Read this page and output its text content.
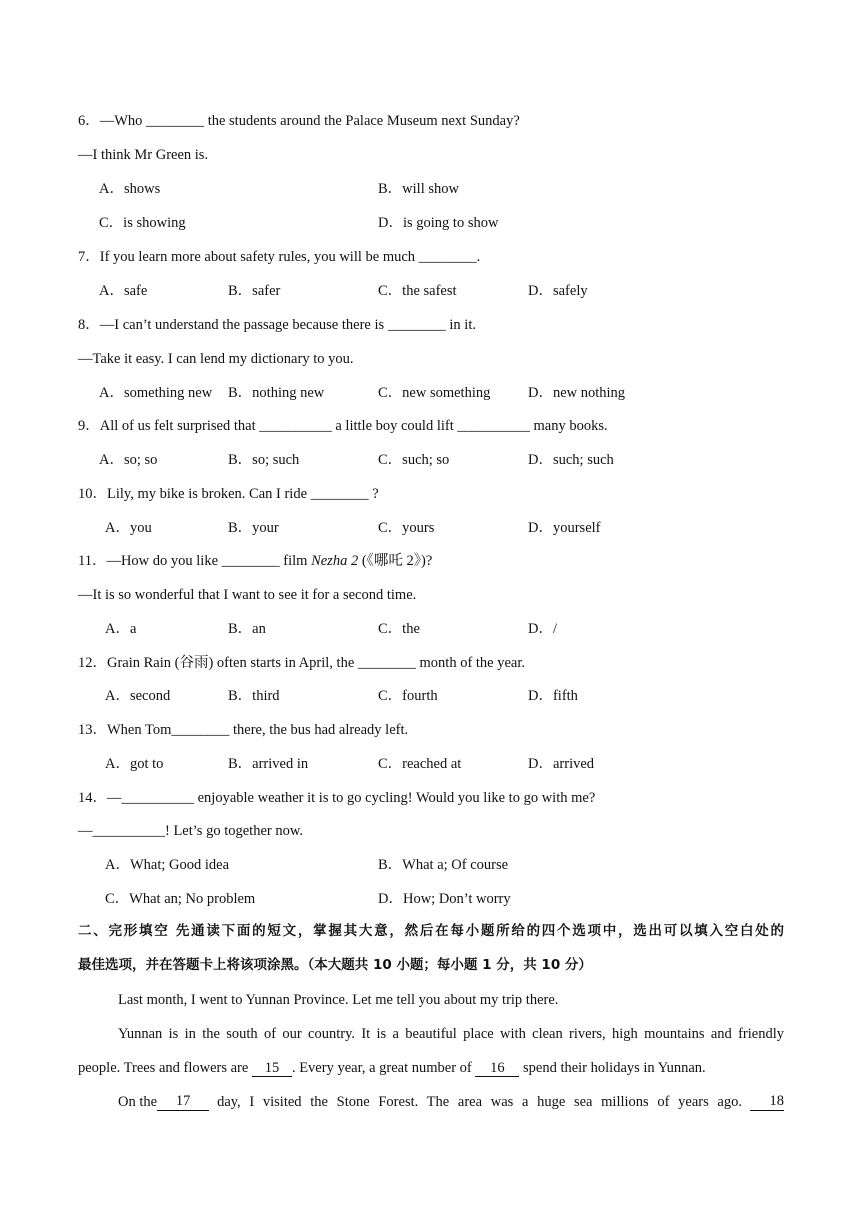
6．—Who ________ the students around the Palace Museum next Sunday?
—I think Mr Green is.
A．shows	B．will show
C．is showing	D．is going to show
7．If you learn more about safety rules, you will be much ________.
A．safe	B．safer	C．the safest	D．safely
8．—I can’t understand the passage because there is ________ in it.
—Take it easy. I can lend my dictionary to you.
A．something new B．nothing new	C．new something	D．new nothing
9．All of us felt surprised that __________ a little boy could lift __________ many books.
A．so; so	B．so; such	C．such; so	D．such; such
10．Lily, my bike is broken. Can I ride ________ ?
A．you	B．your	C．yours	D．yourself
11．—How do you like ________ film Nezha 2 (《哪吒 2》)?
—It is so wonderful that I want to see it for a second time.
A．a	B．an	C．the	D．/
12．Grain Rain (谷雨) often starts in April, the ________ month of the year.
A．second	B．third	C．fourth	D．fifth
13．When Tom________ there, the bus had already left.
A．got to	B．arrived in	C．reached at	D．arrived
14．—__________ enjoyable weather it is to go cycling! Would you like to go with me?
—__________! Let’s go together now.
A．What; Good idea	B．What a; Of course
C．What an; No problem	D．How; Don’t worry
二、完形填空 先通读下面的短文，掌握其大意，然后在每小题所给的四个选项中，选出可以填入空白处的
最佳选项，并在答题卡上将该项涂黑。（本大题共 10 小题；每小题 1 分，共 10 分）
Last month, I went to Yunnan Province. Let me tell you about my trip there.
Yunnan is in the south of our country. It is a beautiful place with clean rivers, high mountains and friendly
people. Trees and flowers are 15 . Every year, a great number of 16 spend their holidays in Yunnan.
On the	17	day, I visited the Stone Forest. The area was a huge sea millions of years ago.	18
